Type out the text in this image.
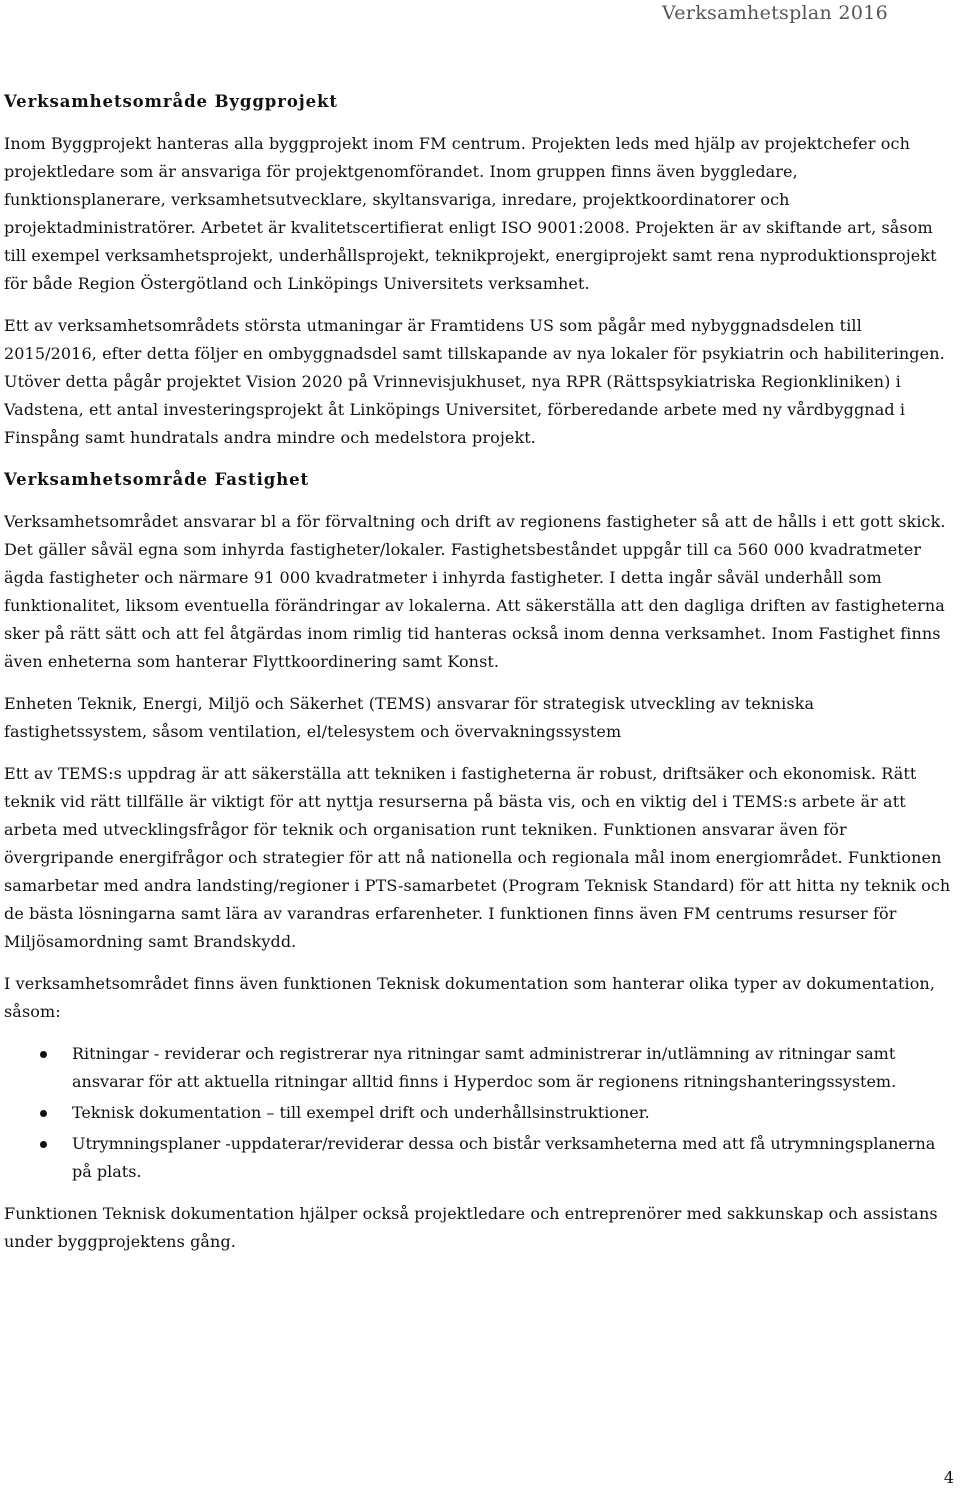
Verksamhetsplan 2016
Verksamhetsområde Byggprojekt

Inom Byggprojekt hanteras alla byggprojekt inom FM centrum. Projekten leds med hjälp av projektchefer och projektledare som är ansvariga för projektgenomförandet. Inom gruppen finns även byggledare, funktionsplanerare, verksamhetsutvecklare, skyltansvariga, inredare, projektkoordinatorer och projektadministratörer. Arbetet är kvalitetscertifierat enligt ISO 9001:2008. Projekten är av skiftande art, såsom till exempel verksamhetsprojekt, underhållsprojekt, teknikprojekt, energiprojekt samt rena nyproduktionsprojekt för både Region Östergötland och Linköpings Universitets verksamhet.

Ett av verksamhetsområdets största utmaningar är Framtidens US som pågår med nybyggnadsdelen till 2015/2016, efter detta följer en ombyggnadsdel samt tillskapande av nya lokaler för psykiatrin och habiliteringen. Utöver detta pågår projektet Vision 2020 på Vrinnevisjukhuset, nya RPR (Rättspsykiatriska Regionkliniken) i Vadstena, ett antal investeringsprojekt åt Linköpings Universitet, förberedande arbete med ny vårdbyggnad i Finspång samt hundratals andra mindre och medelstora projekt.

Verksamhetsområde Fastighet

Verksamhetsområdet ansvarar bl a för förvaltning och drift av regionens fastigheter så att de hålls i ett gott skick. Det gäller såväl egna som inhyrda fastigheter/lokaler. Fastighetsbeståndet uppgår till ca 560 000 kvadratmeter ägda fastigheter och närmare 91 000 kvadratmeter i inhyrda fastigheter. I detta ingår såväl underhåll som funktionalitet, liksom eventuella förändringar av lokalerna. Att säkerställa att den dagliga driften av fastigheterna sker på rätt sätt och att fel åtgärdas inom rimlig tid hanteras också inom denna verksamhet. Inom Fastighet finns även enheterna som hanterar Flyttkoordinering samt Konst.

Enheten Teknik, Energi, Miljö och Säkerhet (TEMS) ansvarar för strategisk utveckling av tekniska fastighetssystem, såsom ventilation, el/telesystem och övervakningssystem

Ett av TEMS:s uppdrag är att säkerställa att tekniken i fastigheterna är robust, driftsäker och ekonomisk. Rätt teknik vid rätt tillfälle är viktigt för att nyttja resurserna på bästa vis, och en viktig del i TEMS:s arbete är att arbeta med utvecklingsfrågor för teknik och organisation runt tekniken. Funktionen ansvarar även för övergripande energifrågor och strategier för att nå nationella och regionala mål inom energiområdet. Funktionen samarbetar med andra landsting/regioner i PTS-samarbetet (Program Teknisk Standard) för att hitta ny teknik och de bästa lösningarna samt lära av varandras erfarenheter. I funktionen finns även FM centrums resurser för Miljösamordning samt Brandskydd.

I verksamhetsområdet finns även funktionen Teknisk dokumentation som hanterar olika typer av dokumentation, såsom:

Ritningar - reviderar och registrerar nya ritningar samt administrerar in/utlämning av ritningar samt ansvarar för att aktuella ritningar alltid finns i Hyperdoc som är regionens ritningshanteringssystem.
Teknisk dokumentation – till exempel drift och underhållsinstruktioner.
Utrymningsplaner -uppdaterar/reviderar dessa och bistår verksamheterna med att få utrymningsplanerna på plats.

Funktionen Teknisk dokumentation hjälper också projektledare och entreprenörer med sakkunskap och assistans under byggprojektens gång.

4
